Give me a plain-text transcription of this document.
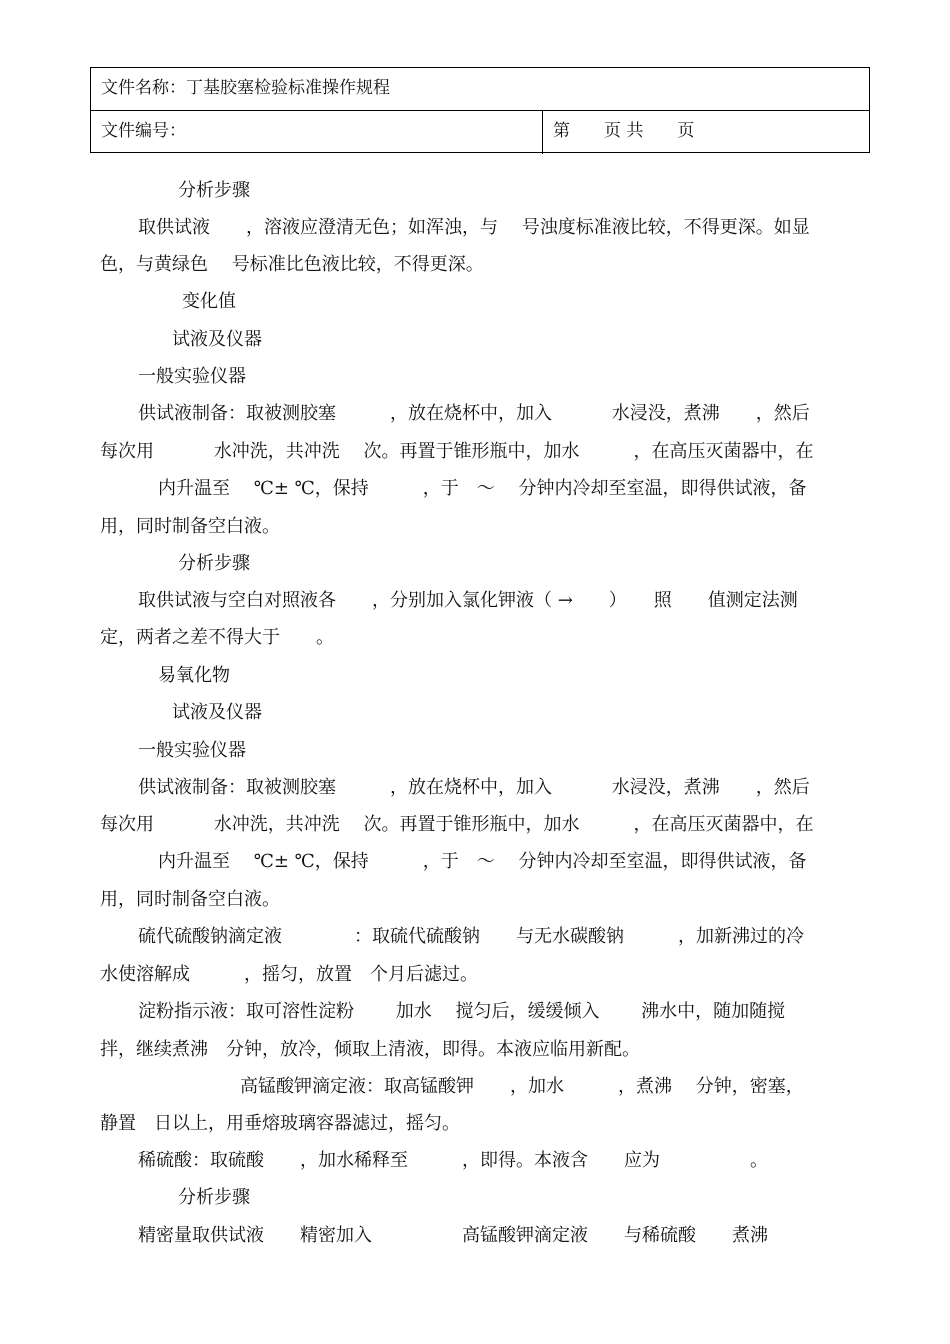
文件名称：丁基胶塞检验标准操作规程
文件编号：	第　　页 共　　页
分析步骤
取供试液　　，溶液应澄清无色；如浑浊，与　 号浊度标准液比较，不得更深。如显
色，与黄绿色　 号标准比色液比较，不得更深。
变化值
试液及仪器
一般实验仪器
供试液制备：取被测胶塞　　　，放在烧杯中，加入　　　 水浸没，煮沸　　，然后
每次用　　　 水冲洗，共冲洗　 次。再置于锥形瓶中，加水　　　，在高压灭菌器中，在
内升温至　 ℃± ℃，保持　　　，于　～　 分钟内冷却至室温，即得供试液，备
用，同时制备空白液。
分析步骤
取供试液与空白对照液各　　，分别加入氯化钾液（ →　　）　　照　　值测定法测
定，两者之差不得大于　　。
易氧化物
试液及仪器
一般实验仪器
供试液制备：取被测胶塞　　　，放在烧杯中，加入　　　 水浸没，煮沸　　，然后
每次用　　　 水冲洗，共冲洗　 次。再置于锥形瓶中，加水　　　，在高压灭菌器中，在
内升温至　 ℃± ℃，保持　　　，于　～　 分钟内冷却至室温，即得供试液，备
用，同时制备空白液。
硫代硫酸钠滴定液　　　　：取硫代硫酸钠　　与无水碳酸钠　　　，加新沸过的冷
水使溶解成　　　，摇匀，放置　个月后滤过。
淀粉指示液：取可溶性淀粉　　 加水　 搅匀后，缓缓倾入　　 沸水中，随加随搅
拌，继续煮沸　分钟，放冷，倾取上清液，即得。本液应临用新配。
高锰酸钾滴定液：取高锰酸钾　　，加水　　　，煮沸　 分钟，密塞，
静置　日以上，用垂熔玻璃容器滤过，摇匀。
稀硫酸：取硫酸　　，加水稀释至　　　，即得。本液含　　应为　　　　　。
分析步骤
精密量取供试液　　精密加入　　　　　高锰酸钾滴定液　　与稀硫酸　　煮沸
